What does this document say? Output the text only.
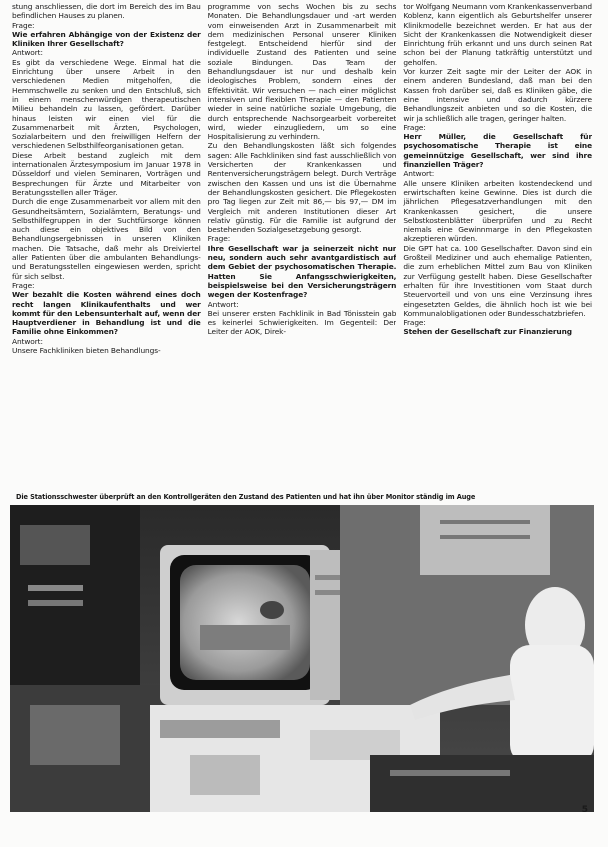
stung anschliessen, die dort im Bereich des im Bau befindlichen Hauses zu planen.

Frage:

Wie erfahren Abhängige von der Existenz der Kliniken Ihrer Gesellschaft?

Antwort:

Es gibt da verschiedene Wege. Einmal hat die Einrichtung über unsere Arbeit in den verschiedenen Medien mitgeholfen, die Hemmschwelle zu senken und den Entschluß, sich in einem menschenwürdigen therapeutischen Milieu behandeln zu lassen, gefördert. Darüber hinaus leisten wir einen viel für die Zusammenarbeit mit Ärzten, Psychologen, Sozialarbeitern und den freiwilligen Helfern der verschiedenen Selbsthilfeorganisationen getan.

Diese Arbeit bestand zugleich mit dem internationalen Ärztesymposium im Januar 1978 in Düsseldorf und vielen Seminaren, Vorträgen und Besprechungen für Ärzte und Mitarbeiter von Beratungsstellen aller Träger.

Durch die enge Zusammenarbeit vor allem mit den Gesundheitsämtern, Sozialämtern, Beratungs- und Selbsthilfegruppen in der Suchtfürsorge können auch diese ein objektives Bild von den Behandlungsergebnissen in unseren Kliniken machen. Die Tatsache, daß mehr als Dreiviertel aller Patienten über die ambulanten Behandlungs- und Beratungsstellen eingewiesen werden, spricht für sich selbst.

Frage:

Wer bezahlt die Kosten während eines doch recht langen Klinikaufenthalts und wer kommt für den Lebensunterhalt auf, wenn der Hauptverdiener in Behandlung ist und die Familie ohne Einkommen?

Antwort:

Unsere Fachkliniken bieten Behandlungs-

programme von sechs Wochen bis zu sechs Monaten. Die Behandlungsdauer und -art werden vom einweisenden Arzt in Zusammenarbeit mit dem medizinischen Personal unserer Kliniken festgelegt. Entscheidend hierfür sind der individuelle Zustand des Patienten und seine soziale Bindungen. Das Team der Behandlungsdauer ist nur und deshalb kein ideologisches Problem, sondern eines der Effektivität. Wir versuchen — nach einer möglichst intensiven und flexiblen Therapie — den Patienten wieder in seine natürliche soziale Umgebung, die durch entsprechende Nachsorgearbeit vorbereitet wird, wieder einzugliedern, um so eine Hospitalisierung zu verhindern.

Zu den Behandlungskosten läßt sich folgendes sagen: Alle Fachkliniken sind fast ausschließlich von Versicherten der Krankenkassen und Rentenversicherungsträgern belegt. Durch Verträge zwischen den Kassen und uns ist die Übernahme der Behandlungskosten gesichert. Die Pflegekosten pro Tag liegen zur Zeit mit 86,— bis 97,— DM im Vergleich mit anderen Institutionen dieser Art relativ günstig. Für die Familie ist aufgrund der bestehenden Sozialgesetzgebung gesorgt.

Frage:

Ihre Gesellschaft war ja seinerzeit nicht nur neu, sondern auch sehr avantgardistisch auf dem Gebiet der psychosomatischen Therapie. Hatten Sie Anfangsschwierigkeiten, beispielsweise bei den Versicherungsträgern wegen der Kostenfrage?

Antwort:

Bei unserer ersten Fachklinik in Bad Tönisstein gab es keinerlei Schwierigkeiten. Im Gegenteil: Der Leiter der AOK, Direk-

tor Wolfgang Neumann vom Krankenkassenverband Koblenz, kann eigentlich als Geburtshelfer unserer Klinikmodelle bezeichnet werden. Er hat aus der Sicht der Krankenkassen die Notwendigkeit dieser Einrichtung früh erkannt und uns durch seinen Rat schon bei der Planung tatkräftig unterstützt und geholfen.

Vor kurzer Zeit sagte mir der Leiter der AOK in einem anderen Bundesland, daß man bei den Kassen froh darüber sei, daß es Kliniken gäbe, die eine intensive und dadurch kürzere Behandlungszeit anbieten und so die Kosten, die wir ja schließlich alle tragen, geringer halten.

Frage:

Herr Müller, die Gesellschaft für psychosomatische Therapie ist eine gemeinnützige Gesellschaft, wer sind ihre finanziellen Träger?

Antwort:

Alle unsere Kliniken arbeiten kostendeckend und erwirtschaften keine Gewinne. Dies ist durch die jährlichen Pflegesatzverhandlungen mit den Krankenkassen gesichert, die unsere Selbstkostenblätter überprüfen und zu Recht niemals eine Gewinnmarge in den Pflegekosten akzeptieren würden.

Die GPT hat ca. 100 Gesellschafter. Davon sind ein Großteil Mediziner und auch ehemalige Patienten, die zum erheblichen Mittel zum Bau von Kliniken zur Verfügung gestellt haben. Diese Gesellschafter erhalten für ihre Investitionen vom Staat durch Steuervorteil und von uns eine Verzinsung ihres eingesetzten Geldes, die ähnlich hoch ist wie bei Kommunalobligationen oder Bundesschatzbriefen.

Frage:

Stehen der Gesellschaft zur Finanzierung

Die Stationsschwester überprüft an den Kontrollgeräten den Zustand des Patienten und hat ihn über Monitor ständig im Auge
5
